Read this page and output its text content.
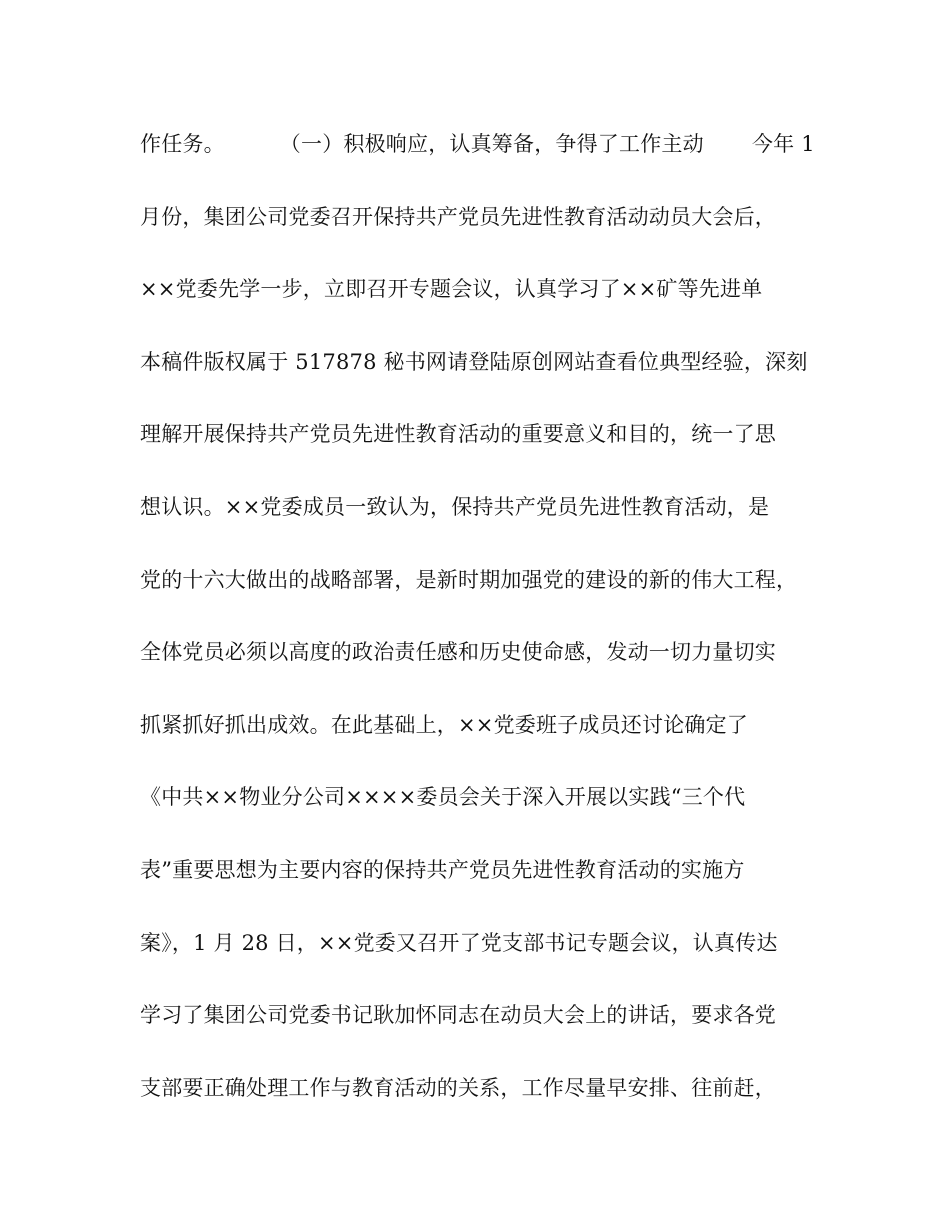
作任务。        （一）积极响应，认真筹备，争得了工作主动       今年 1
月份，集团公司党委召开保持共产党员先进性教育活动动员大会后，
××党委先学一步，立即召开专题会议，认真学习了××矿等先进单
本稿件版权属于 517878 秘书网请登陆原创网站查看位典型经验，深刻
理解开展保持共产党员先进性教育活动的重要意义和目的，统一了思
想认识。××党委成员一致认为，保持共产党员先进性教育活动，是
党的十六大做出的战略部署，是新时期加强党的建设的新的伟大工程，
全体党员必须以高度的政治责任感和历史使命感，发动一切力量切实
抓紧抓好抓出成效。在此基础上，××党委班子成员还讨论确定了
《中共××物业分公司××××委员会关于深入开展以实践“三个代
表”重要思想为主要内容的保持共产党员先进性教育活动的实施方
案》，1 月 28 日，××党委又召开了党支部书记专题会议，认真传达
学习了集团公司党委书记耿加怀同志在动员大会上的讲话，要求各党
支部要正确处理工作与教育活动的关系，工作尽量早安排、往前赶，
